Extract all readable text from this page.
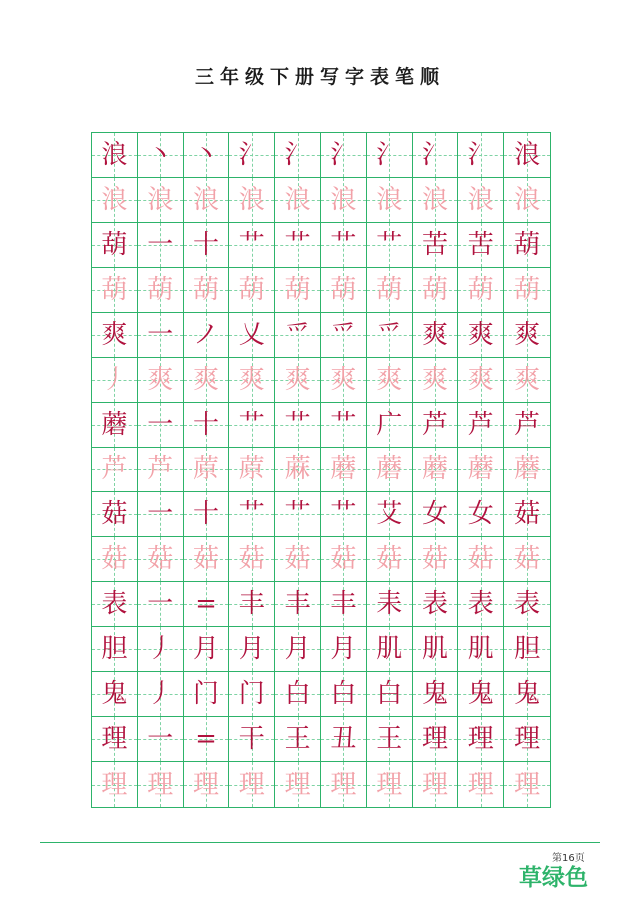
三年级下册写字表笔顺
浪 丶 丶 氵 氵 氵 氵 氵 氵 浪
浪 浪 浪 浪 浪 浪 浪 浪 浪 浪
葫 一 十 艹 艹 艹 艹 苦 苦 葫
葫 葫 葫 葫 葫 葫 葫 葫 葫 葫
爽 一 ノ 乂 爫 爫 爫 爽 爽 爽
丿 爽 爽 爽 爽 爽 爽 爽 爽 爽
蘑 一 十 艹 艹 艹 广 芦 芦 芦
芦 芦 蒝 蒝 蔴 蘑 蘑 蘑 蘑 蘑
菇 一 十 艹 艹 艹 艾 女 女 菇
菇 菇 菇 菇 菇 菇 菇 菇 菇 菇
表 一 = 丰 丰 丰 耒 表 表 表
胆 丿 月 月 月 月 肌 肌 肌 胆
鬼 丿 门 门 白 白 白 鬼 鬼 鬼
理 一 = 干 王 丑 王 理 理 理
理 理 理 理 理 理 理 理 理 理
第16页
草绿色
